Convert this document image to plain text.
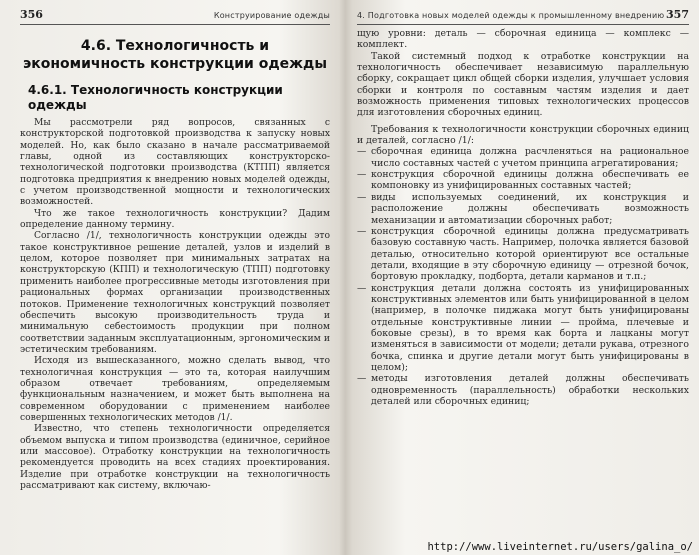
356	Конструирование одежды
4.6. Технологичность и экономичность конструкции одежды
4.6.1. Технологичность конструкции одежды

Мы рассмотрели ряд вопросов, связанных с конструкторской подготовкой производства к запуску новых моделей. Но, как было сказано в начале рассматриваемой главы, одной из составляющих конструкторско-технологической подготовки производства (КТПП) является подготовка предприятия к внедрению новых моделей одежды, с учетом производственной мощности и технологических возможностей.

Что же такое технологичность конструкции? Дадим определение данному термину.

Согласно /1/, технологичность конструкции одежды это такое конструктивное решение деталей, узлов и изделий в целом, которое позволяет при минимальных затратах на конструкторскую (КПП) и технологическую (ТПП) подготовку применить наиболее прогрессивные методы изготовления при рациональных формах организации производственных потоков. Применение технологичных конструкций позволяет обеспечить высокую производительность труда и минимальную себестоимость продукции при полном соответствии заданным эксплуатационным, эргономическим и эстетическим требованиям.

Исходя из вышесказанного, можно сделать вывод, что технологичная конструкция — это та, которая наилучшим образом отвечает требованиям, определяемым функциональным назначением, и может быть выполнена на современном оборудовании с применением наиболее совершенных технологических методов /1/.

Известно, что степень технологичности определяется объемом выпуска и типом производства (единичное, серийное или массовое). Отработку конструкции на технологичность рекомендуется проводить на всех стадиях проектирования. Изделие при отработке конструкции на технологичность рассматривают как систему, включаю-

4. Подготовка новых моделей одежды к промышленному внедрению 357

щую уровни: деталь — сборочная единица — комплекс — комплект.

Такой системный подход к отработке конструкции на технологичность обеспечивает независимую параллельную сборку, сокращает цикл общей сборки изделия, улучшает условия сборки и контроля по составным частям изделия и дает возможность применения типовых технологических процессов для изготовления сборочных единиц.

Требования к технологичности конструкции сборочных единиц и деталей, согласно /1/:

— сборочная единица должна расчленяться на рациональное число составных частей с учетом принципа агрегатирования;
— конструкция сборочной единицы должна обеспечивать ее компоновку из унифицированных составных частей;
— виды используемых соединений, их конструкция и расположение должны обеспечивать возможность механизации и автоматизации сборочных работ;
— конструкция сборочной единицы должна предусматривать базовую составную часть. Например, полочка является базовой деталью, относительно которой ориентируют все остальные детали, входящие в эту сборочную единицу — отрезной бочок, бортовую прокладку, подборта, детали карманов и т.п.;
— конструкция детали должна состоять из унифицированных конструктивных элементов или быть унифицированной в целом (например, в полочке пиджака могут быть унифицированы отдельные конструктивные линии — пройма, плечевые и боковые срезы), в то время как борта и лацканы могут изменяться в зависимости от модели; детали рукава, отрезного бочка, спинка и другие детали могут быть унифицированы в целом);
— методы изготовления деталей должны обеспечивать одновременность (параллельность) обработки нескольких деталей или сборочных единиц;
http://www.liveinternet.ru/users/galina_o/
